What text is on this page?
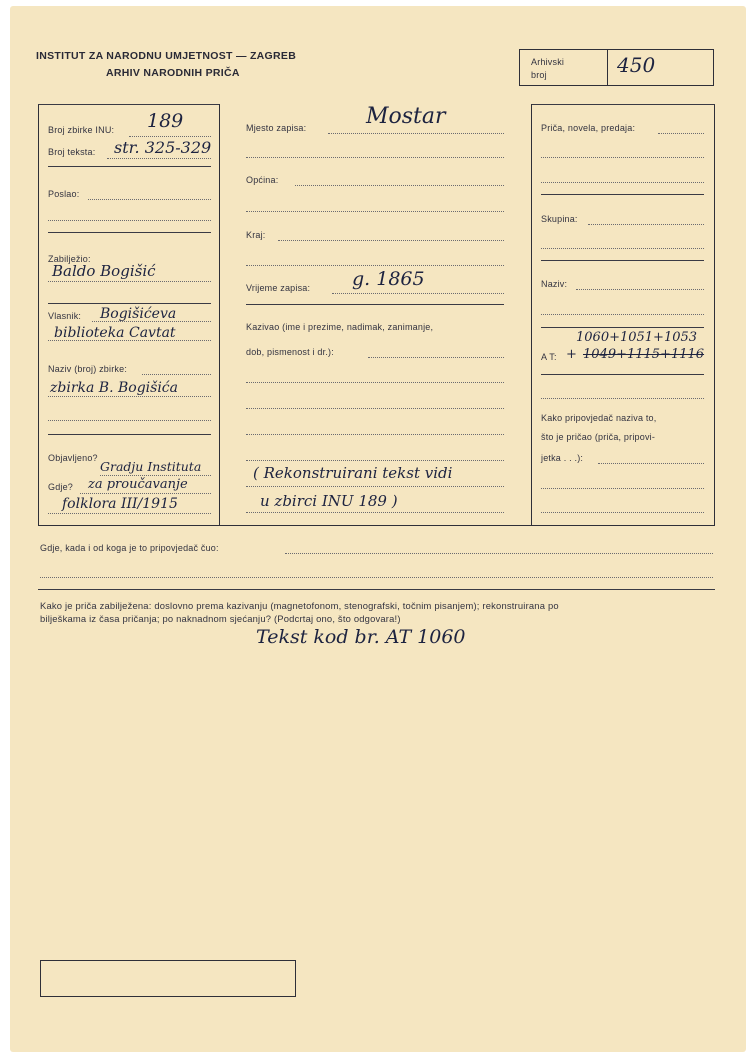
INSTITUT ZA NARODNU UMJETNOST — ZAGREB
ARHIV NARODNIH PRIČA
Arhivski
broj	450
Broj zbirke INU: 189
Broj teksta: str. 325-329
Poslao:
Zabilježio:
Baldo Bogišić
Vlasnik: Bogišićeva
biblioteka Cavtat
Naziv (broj) zbirke:
zbirka B. Bogišića
Objavljeno?
Gradju Instituta
Gdje? za proučavanje
folklora III/1915
Mjesto zapisa:	Mostar
Općina:
Kraj:
Vrijeme zapisa: g. 1865
Kazivao (ime i prezime, nadimak, zanimanje,
dob, pismenost i dr.):
( Rekonstruirani tekst vidi
u zbirci INU 189 )
Priča, novela, predaja:
Skupina:
Naziv:
1060+1051+1053
A T: + 1049+1115+1116
Kako pripovjedač naziva to,
što je pričao (priča, pripovi-
jetka . . .):
Gdje, kada i od koga je to pripovjedač čuo:
Kako je priča zabilježena: doslovno prema kazivanju (magnetofonom, stenografski, točnim pisanjem); rekonstruirana po
bilješkama iz časa pričanja; po naknadnom sjećanju? (Podcrtaj ono, što odgovara!)
Tekst kod br. AT 1060
